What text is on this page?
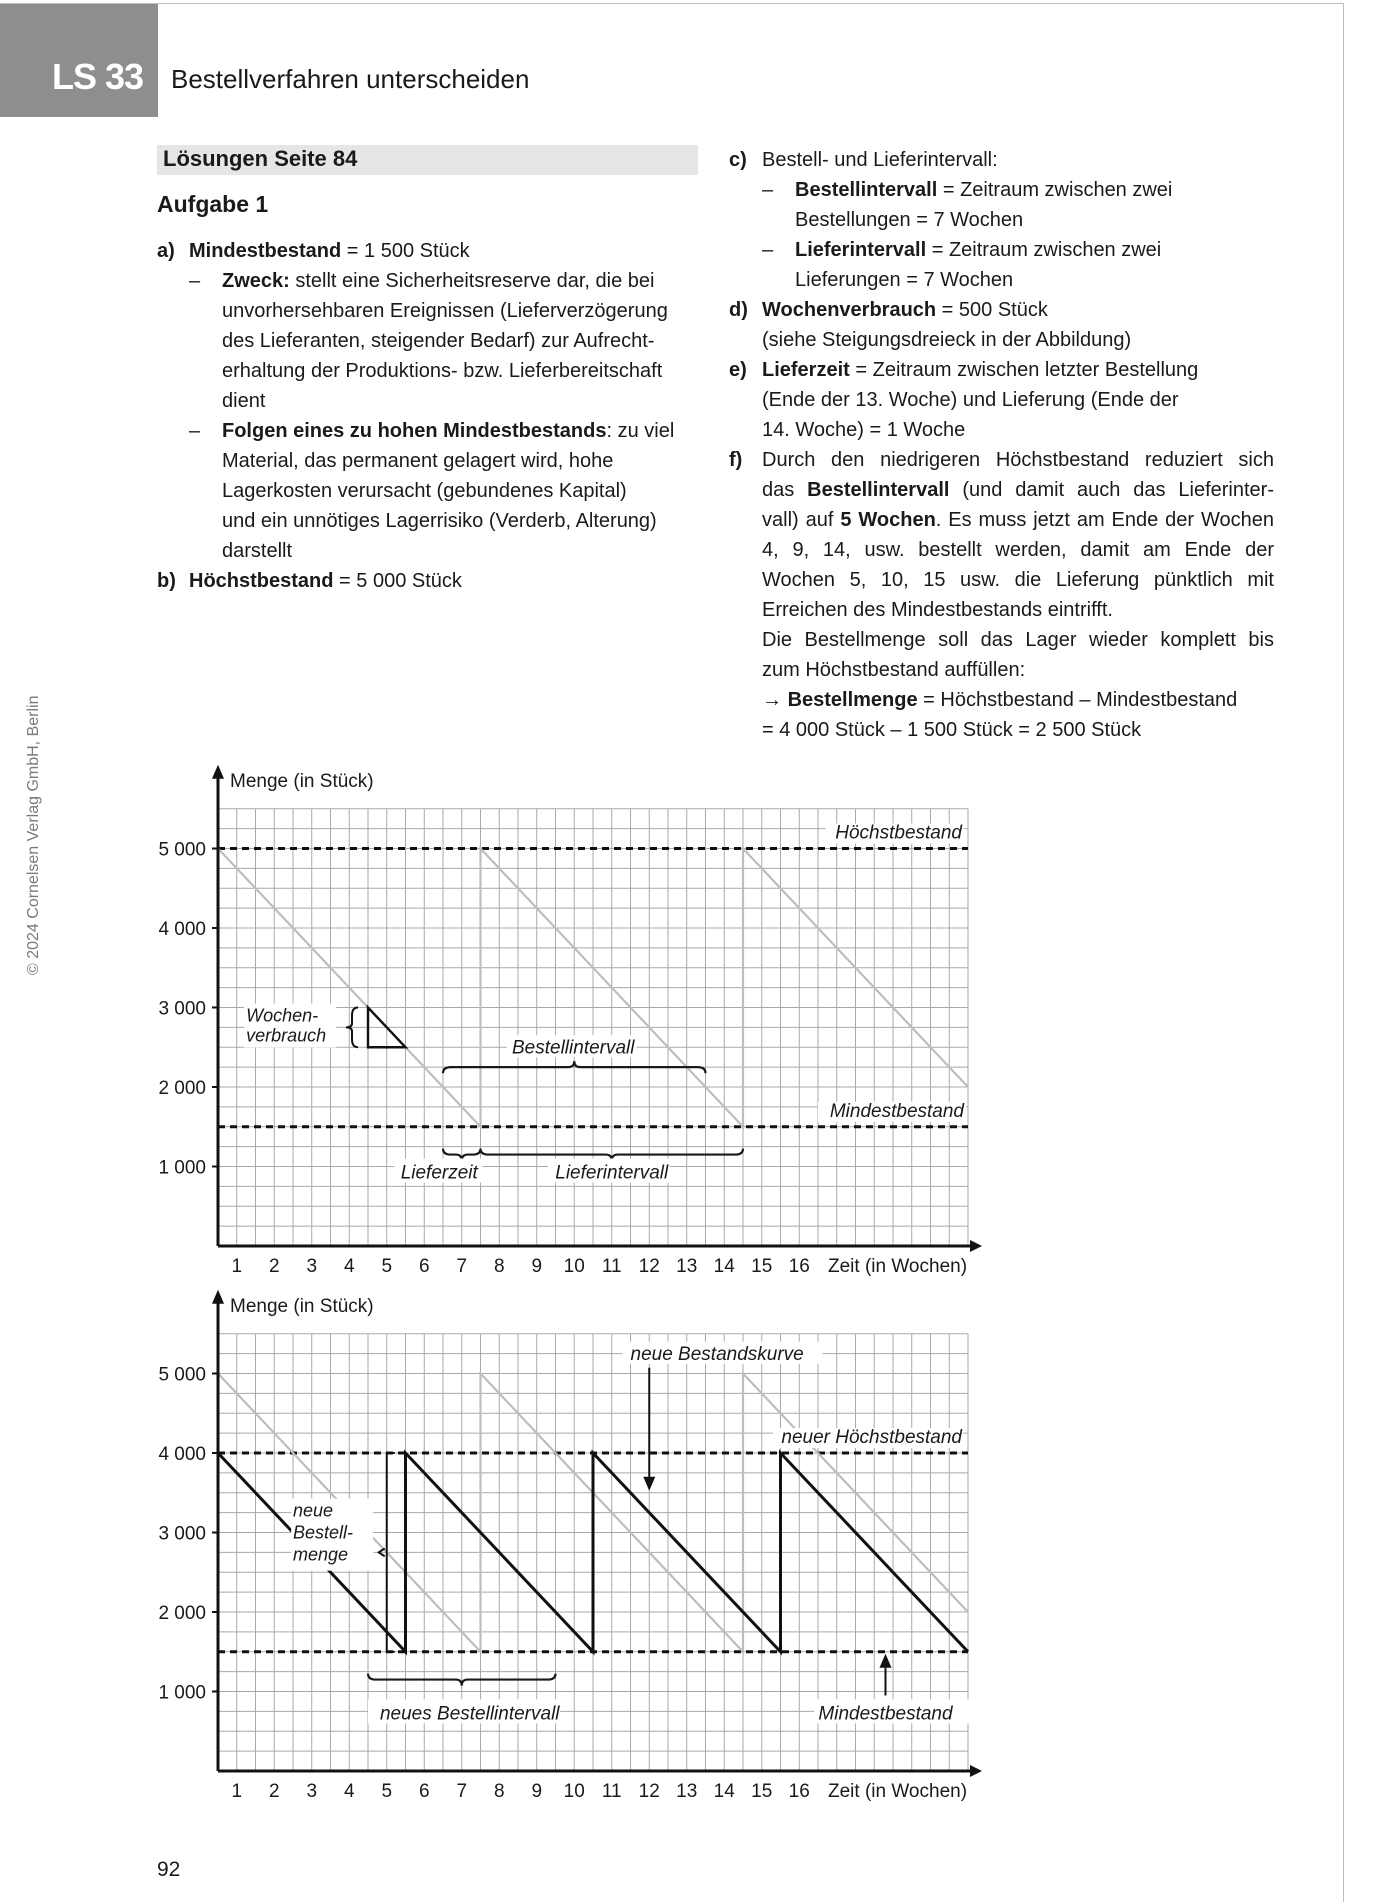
LS 33 Bestellverfahren unterscheiden
© 2024 Cornelsen Verlag GmbH, Berlin
Lösungen Seite 84
Aufgabe 1
a) Mindestbestand = 1 500 Stück
– Zweck: stellt eine Sicherheitsreserve dar, die bei
unvorhersehbaren Ereignissen (Lieferverzögerung
des Lieferanten, steigender Bedarf) zur Aufrecht-
erhaltung der Produktions- bzw. Lieferbereitschaft
dient
– Folgen eines zu hohen Mindestbestands: zu viel
Material, das permanent gelagert wird, hohe
Lagerkosten verursacht (gebundenes Kapital)
und ein unnötiges Lagerrisiko (Verderb, Alterung)
darstellt
b) Höchstbestand = 5 000 Stück
c) Bestell- und Lieferintervall:
– Bestellintervall = Zeitraum zwischen zwei
Bestellungen = 7 Wochen
– Lieferintervall = Zeitraum zwischen zwei
Lieferungen = 7 Wochen
d) Wochenverbrauch = 500 Stück
(siehe Steigungsdreieck in der Abbildung)
e) Lieferzeit = Zeitraum zwischen letzter Bestellung
(Ende der 13. Woche) und Lieferung (Ende der
14. Woche) = 1 Woche
f) Durch den niedrigeren Höchstbestand reduziert sich
das Bestellintervall (und damit auch das Lieferinter-
vall) auf 5 Wochen. Es muss jetzt am Ende der Wochen
4, 9, 14, usw. bestellt werden, damit am Ende der
Wochen 5, 10, 15 usw. die Lieferung pünktlich mit
Erreichen des Mindestbestands eintrifft.
Die Bestellmenge soll das Lager wieder komplett bis
zum Höchstbestand auffüllen:
→ Bestellmenge = Höchstbestand – Mindestbestand
= 4 000 Stück – 1 500 Stück = 2 500 Stück
1 2 3 4 5 6 7 8 9 10 11 12 13 14 15 16
1 000
2 000
3 000
4 000
5 000
Zeit (in Wochen)
Menge (in Stück)
Höchstbestand
Mindestbestand
Wochen-verbrauch
Bestellintervall
Lieferzeit	Lieferintervall
1 2 3 4 5 6 7 8 9 10 11 12 13 14 15 16
1 000
2 000
3 000
4 000
5 000
Zeit (in Wochen)
Menge (in Stück)
neuer Höchstbestand
neue Bestandskurve
neue Bestell-menge
neues Bestellintervall	Mindestbestand
92
